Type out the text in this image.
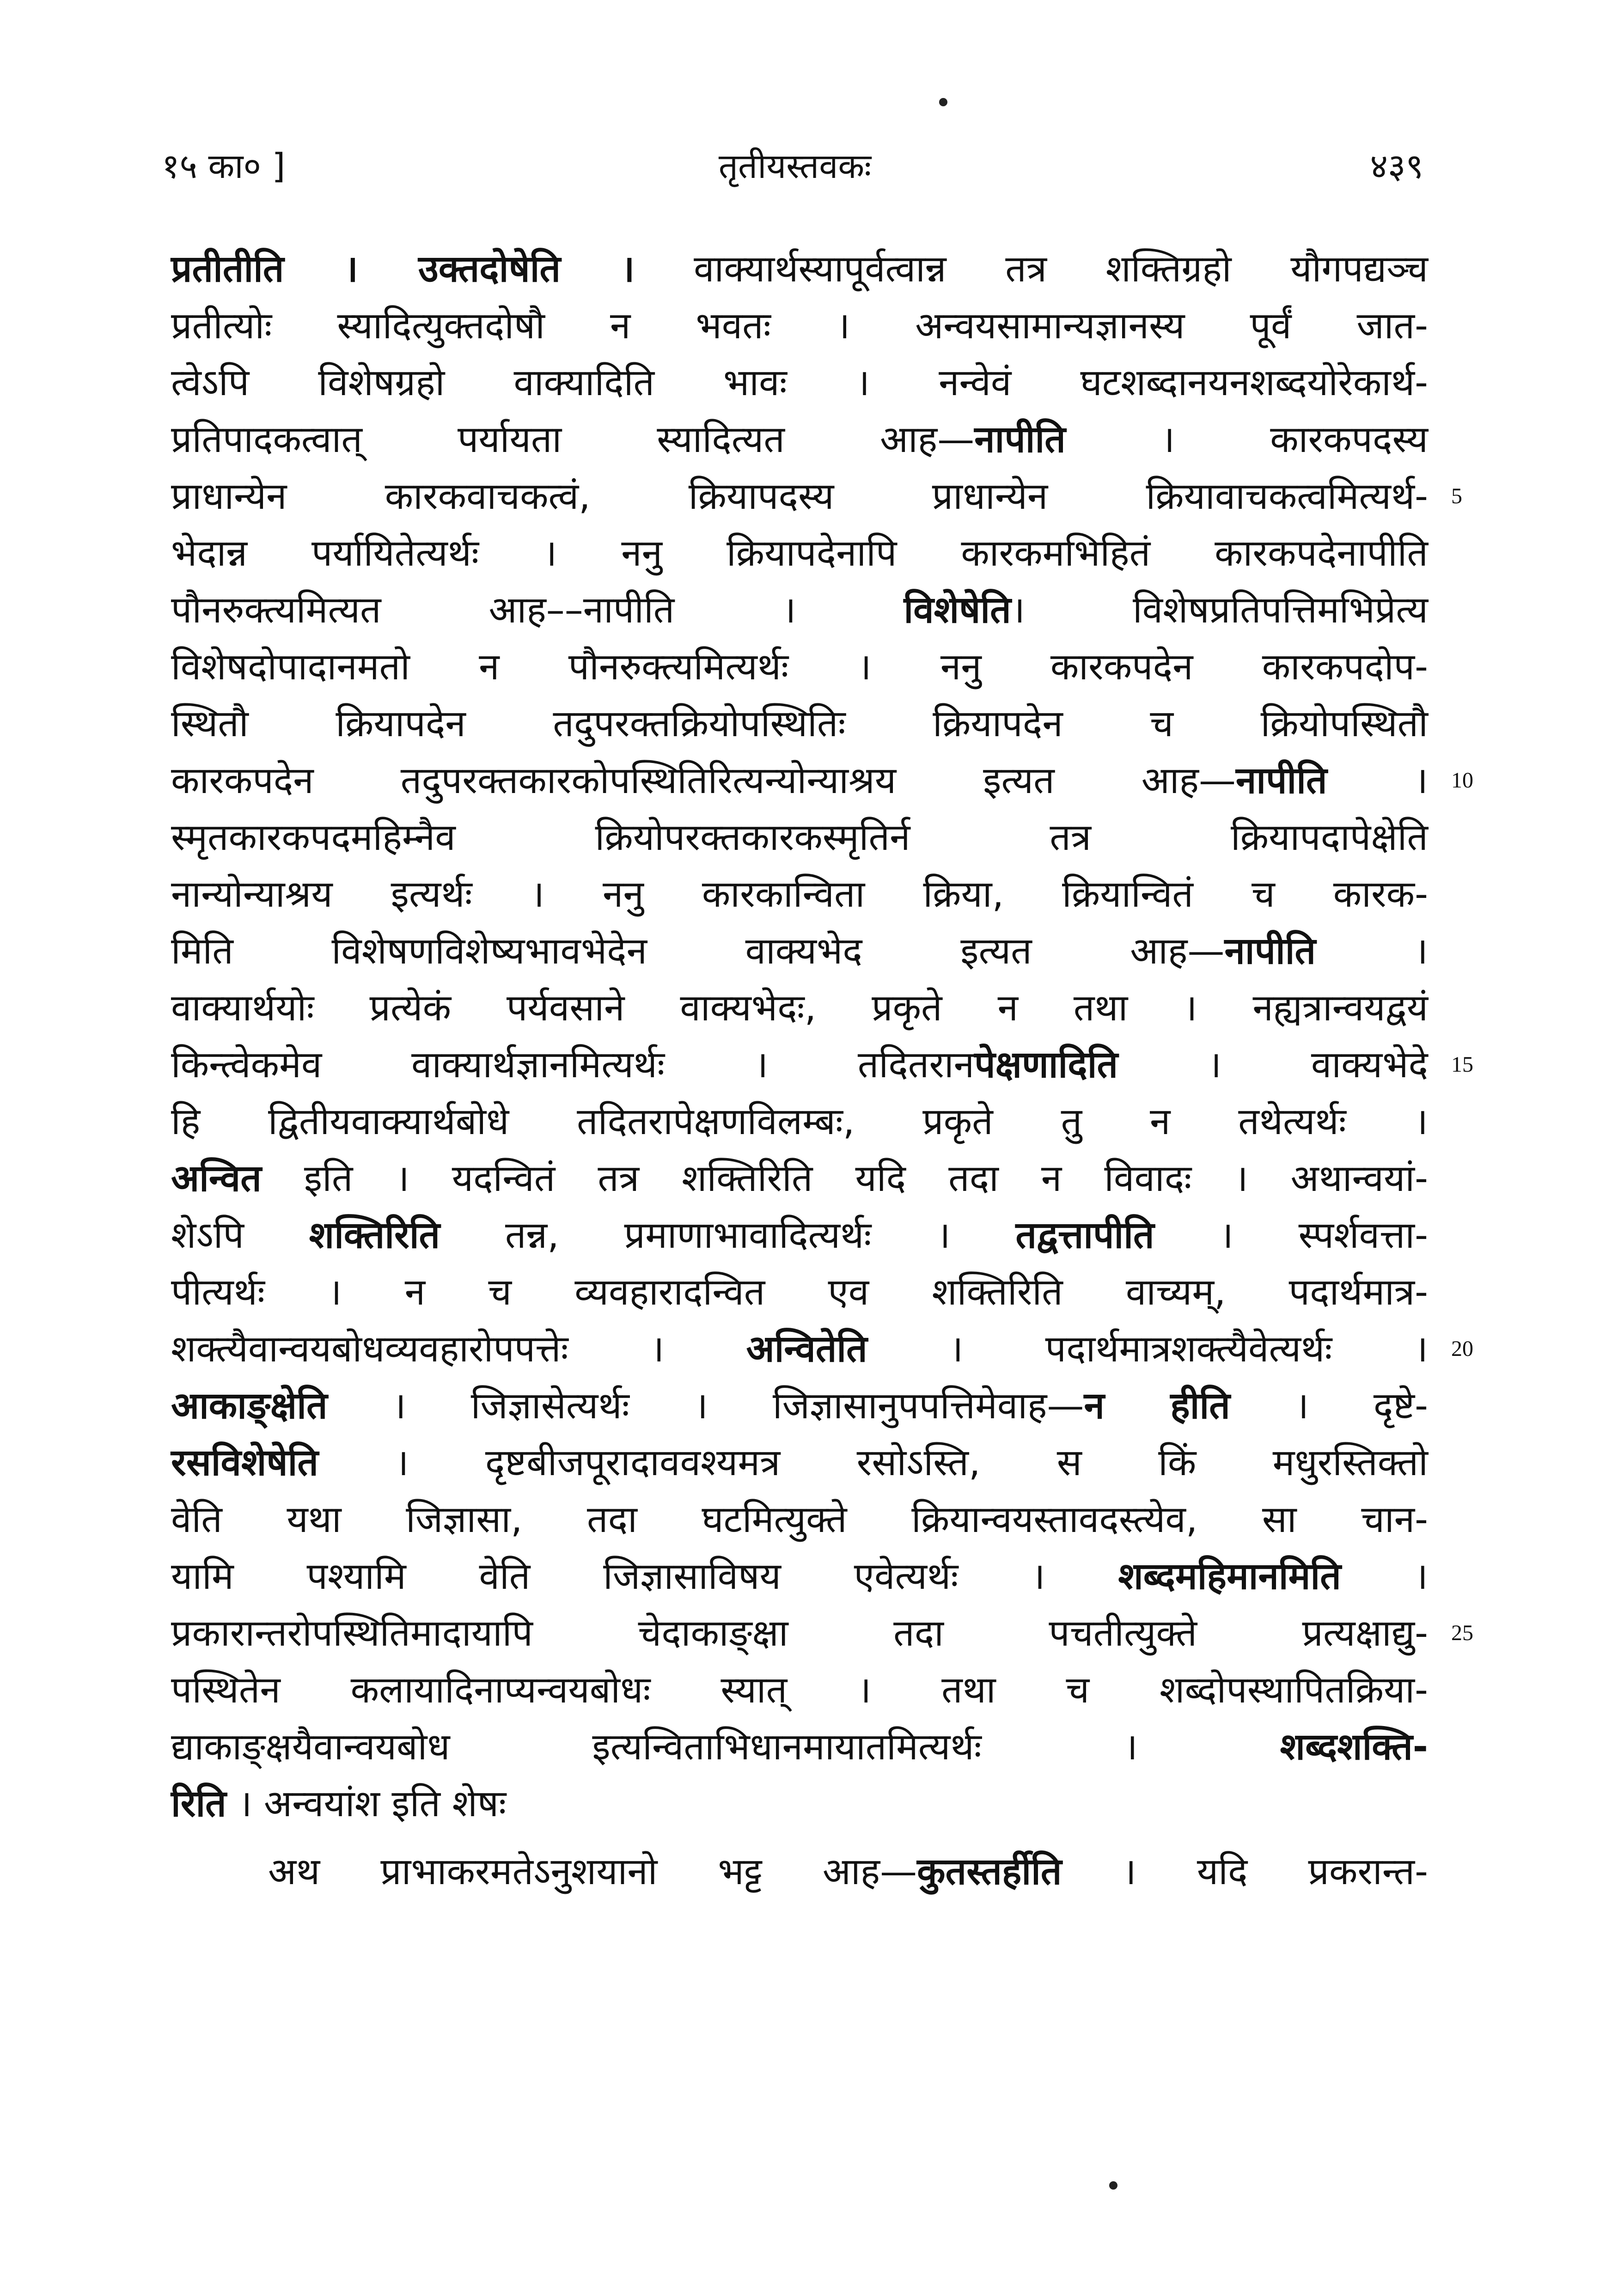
१५ का० ]	तृतीयस्तवकः	४३९
प्रतीतीति । उक्तदोषेति । वाक्यार्थस्यापूर्वत्वान्न तत्र शक्तिग्रहो यौगपद्यञ्च
प्रतीत्योः स्यादित्युक्तदोषौ न भवतः । अन्वयसामान्यज्ञानस्य पूर्वं जात-
त्वेऽपि विशेषग्रहो वाक्यादिति भावः । नन्वेवं घटशब्दानयनशब्दयोरेकार्थ-
प्रतिपादकत्वात् पर्यायता स्यादित्यत आह—नापीति । कारकपदस्य
प्राधान्येन कारकवाचकत्वं, क्रियापदस्य प्राधान्येन क्रियावाचकत्वमित्यर्थ-
भेदान्न पर्यायितेत्यर्थः । ननु क्रियापदेनापि कारकमभिहितं कारकपदेनापीति
पौनरुक्त्यमित्यत आह––नापीति । विशेषेति। विशेषप्रतिपत्तिमभिप्रेत्य
विशेषदोपादानमतो न पौनरुक्त्यमित्यर्थः । ननु कारकपदेन कारकपदोप-
स्थितौ क्रियापदेन तदुपरक्तक्रियोपस्थितिः क्रियापदेन च क्रियोपस्थितौ
कारकपदेन तदुपरक्तकारकोपस्थितिरित्यन्योन्याश्रय इत्यत आह—नापीति ।
स्मृतकारकपदमहिम्नैव क्रियोपरक्तकारकस्मृतिर्न तत्र क्रियापदापेक्षेति
नान्योन्याश्रय इत्यर्थः । ननु कारकान्विता क्रिया, क्रियान्वितं च कारक-
मिति विशेषणविशेष्यभावभेदेन वाक्यभेद इत्यत आह—नापीति ।
वाक्यार्थयोः प्रत्येकं पर्यवसाने वाक्यभेदः, प्रकृते न तथा । नह्यत्रान्वयद्वयं
किन्त्वेकमेव वाक्यार्थज्ञानमित्यर्थः । तदितरानपेक्षणादिति । वाक्यभेदे
हि द्वितीयवाक्यार्थबोधे तदितरापेक्षणविलम्बः, प्रकृते तु न तथेत्यर्थः ।
अन्वित इति । यदन्वितं तत्र शक्तिरिति यदि तदा न विवादः । अथान्वयां-
शेऽपि शक्तिरिति तन्न, प्रमाणाभावादित्यर्थः । तद्वत्तापीति । स्पर्शवत्ता-
पीत्यर्थः । न च व्यवहारादन्वित एव शक्तिरिति वाच्यम्, पदार्थमात्र-
शक्त्यैवान्वयबोधव्यवहारोपपत्तेः । अन्वितेति । पदार्थमात्रशक्त्यैवेत्यर्थः ।
आकाङ्क्षेति । जिज्ञासेत्यर्थः । जिज्ञासानुपपत्तिमेवाह—न हीति । दृष्टे-
रसविशेषेति । दृष्टबीजपूरादाववश्यमत्र रसोऽस्ति, स किं मधुरस्तिक्तो
वेति यथा जिज्ञासा, तदा घटमित्युक्ते क्रियान्वयस्तावदस्त्येव, सा चान-
यामि पश्यामि वेति जिज्ञासाविषय एवेत्यर्थः । शब्दमहिमानमिति ।
प्रकारान्तरोपस्थितिमादायापि चेदाकाङ्क्षा तदा पचतीत्युक्ते प्रत्यक्षाद्यु-
पस्थितेन कलायादिनाप्यन्वयबोधः स्यात् । तथा च शब्दोपस्थापितक्रिया-
द्याकाङ्क्षयैवान्वयबोध इत्यन्विताभिधानमायातमित्यर्थः । शब्दशक्ति-
रिति । अन्वयांश इति शेषः
अथ प्राभाकरमतेऽनुशयानो भट्ट आह—कुतस्तर्हीति । यदि प्रकरान्त-
5
10
15
20
25
